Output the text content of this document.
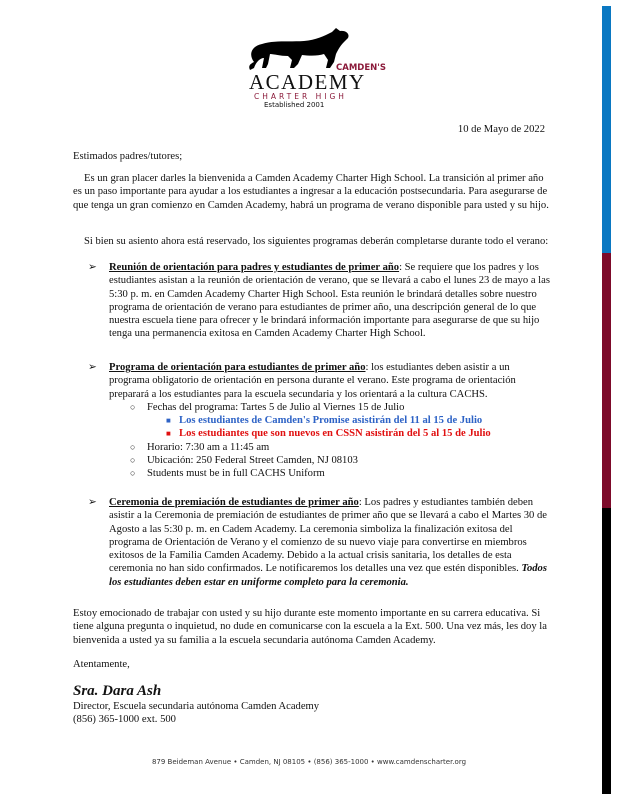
CAMDEN'S
ACADEMY
CHARTER HIGH
Established 2001
10 de Mayo de 2022

Estimados padres/tutores;

Es un gran placer darles la bienvenida a Camden Academy Charter High School. La transición al primer año es un paso importante para ayudar a los estudiantes a ingresar a la educación postsecundaria. Para asegurarse de que tenga un gran comienzo en Camden Academy, habrá un programa de verano disponible para usted y su hijo.

Si bien su asiento ahora está reservado, los siguientes programas deberán completarse durante todo el verano:

➢ Reunión de orientación para padres y estudiantes de primer año: Se requiere que los padres y los estudiantes asistan a la reunión de orientación de verano, que se llevará a cabo el lunes 23 de mayo a las 5:30 p. m. en Camden Academy Charter High School. Esta reunión le brindará detalles sobre nuestro programa de orientación de verano para estudiantes de primer año, una descripción general de lo que nuestra escuela tiene para ofrecer y le brindará información importante para asegurarse de que su hijo tenga una permanencia exitosa en Camden Academy Charter High School.

➢ Programa de orientación para estudiantes de primer año: los estudiantes deben asistir a un programa obligatorio de orientación en persona durante el verano. Este programa de orientación preparará a los estudiantes para la escuela secundaria y los orientará a la cultura CACHS.

○ Fechas del programa: Tartes 5 de Julio al Viernes 15 de Julio

■ Los estudiantes de Camden's Promise asistirán del 11 al 15 de Julio

■ Los estudiantes que son nuevos en CSSN asistirán del 5 al 15 de Julio

○ Horario: 7:30 am a 11:45 am

○ Ubicación: 250 Federal Street Camden, NJ 08103

○ Students must be in full CACHS Uniform

➢ Ceremonia de premiación de estudiantes de primer año: Los padres y estudiantes también deben asistir a la Ceremonia de premiación de estudiantes de primer año que se llevará a cabo el Martes 30 de Agosto a las 5:30 p. m. en Cadem Academy. La ceremonia simboliza la finalización exitosa del programa de Orientación de Verano y el comienzo de su nuevo viaje para convertirse en miembros exitosos de la Familia Camden Academy. Debido a la actual crisis sanitaria, los detalles de esta ceremonia no han sido confirmados. Le notificaremos los detalles una vez que estén disponibles. Todos los estudiantes deben estar en uniforme completo para la ceremonia.

Estoy emocionado de trabajar con usted y su hijo durante este momento importante en su carrera educativa. Si tiene alguna pregunta o inquietud, no dude en comunicarse con la escuela a la Ext. 500. Una vez más, les doy la bienvenida a usted ya su familia a la escuela secundaria autónoma Camden Academy.

Atentamente,

Sra. Dara Ash

Director, Escuela secundaria autónoma Camden Academy

(856) 365-1000 ext. 500

879 Beideman Avenue • Camden, NJ 08105 • (856) 365-1000 • www.camdenscharter.org
